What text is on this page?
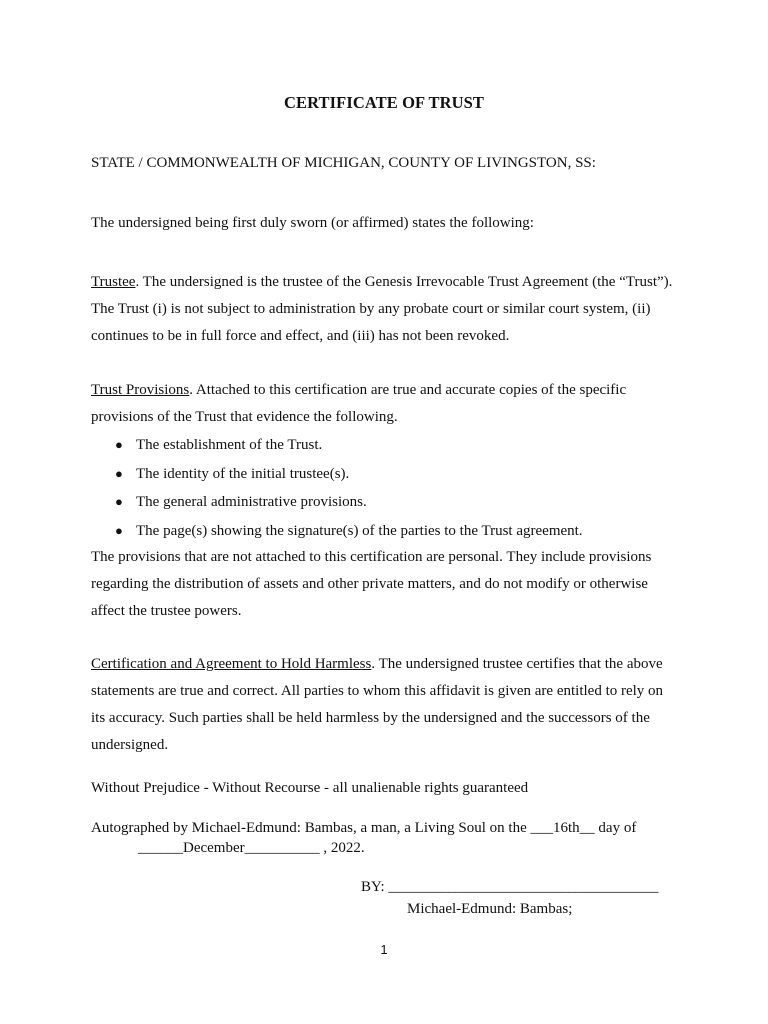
CERTIFICATE OF TRUST
STATE / COMMONWEALTH OF MICHIGAN, COUNTY OF LIVINGSTON, SS:
The undersigned being first duly sworn (or affirmed) states the following:
Trustee. The undersigned is the trustee of the Genesis Irrevocable Trust Agreement (the “Trust”). The Trust (i) is not subject to administration by any probate court or similar court system, (ii) continues to be in full force and effect, and (iii) has not been revoked.
Trust Provisions. Attached to this certification are true and accurate copies of the specific provisions of the Trust that evidence the following.
● The establishment of the Trust.
● The identity of the initial trustee(s).
● The general administrative provisions.
● The page(s) showing the signature(s) of the parties to the Trust agreement.
The provisions that are not attached to this certification are personal. They include provisions regarding the distribution of assets and other private matters, and do not modify or otherwise affect the trustee powers.
Certification and Agreement to Hold Harmless. The undersigned trustee certifies that the above statements are true and correct. All parties to whom this affidavit is given are entitled to rely on its accuracy. Such parties shall be held harmless by the undersigned and the successors of the undersigned.
Without Prejudice - Without Recourse - all unalienable rights guaranteed
Autographed by Michael-Edmund: Bambas, a man, a Living Soul on the ___16th__ day of
______December__________ , 2022.
BY: ____________________________________
Michael-Edmund: Bambas;
1
